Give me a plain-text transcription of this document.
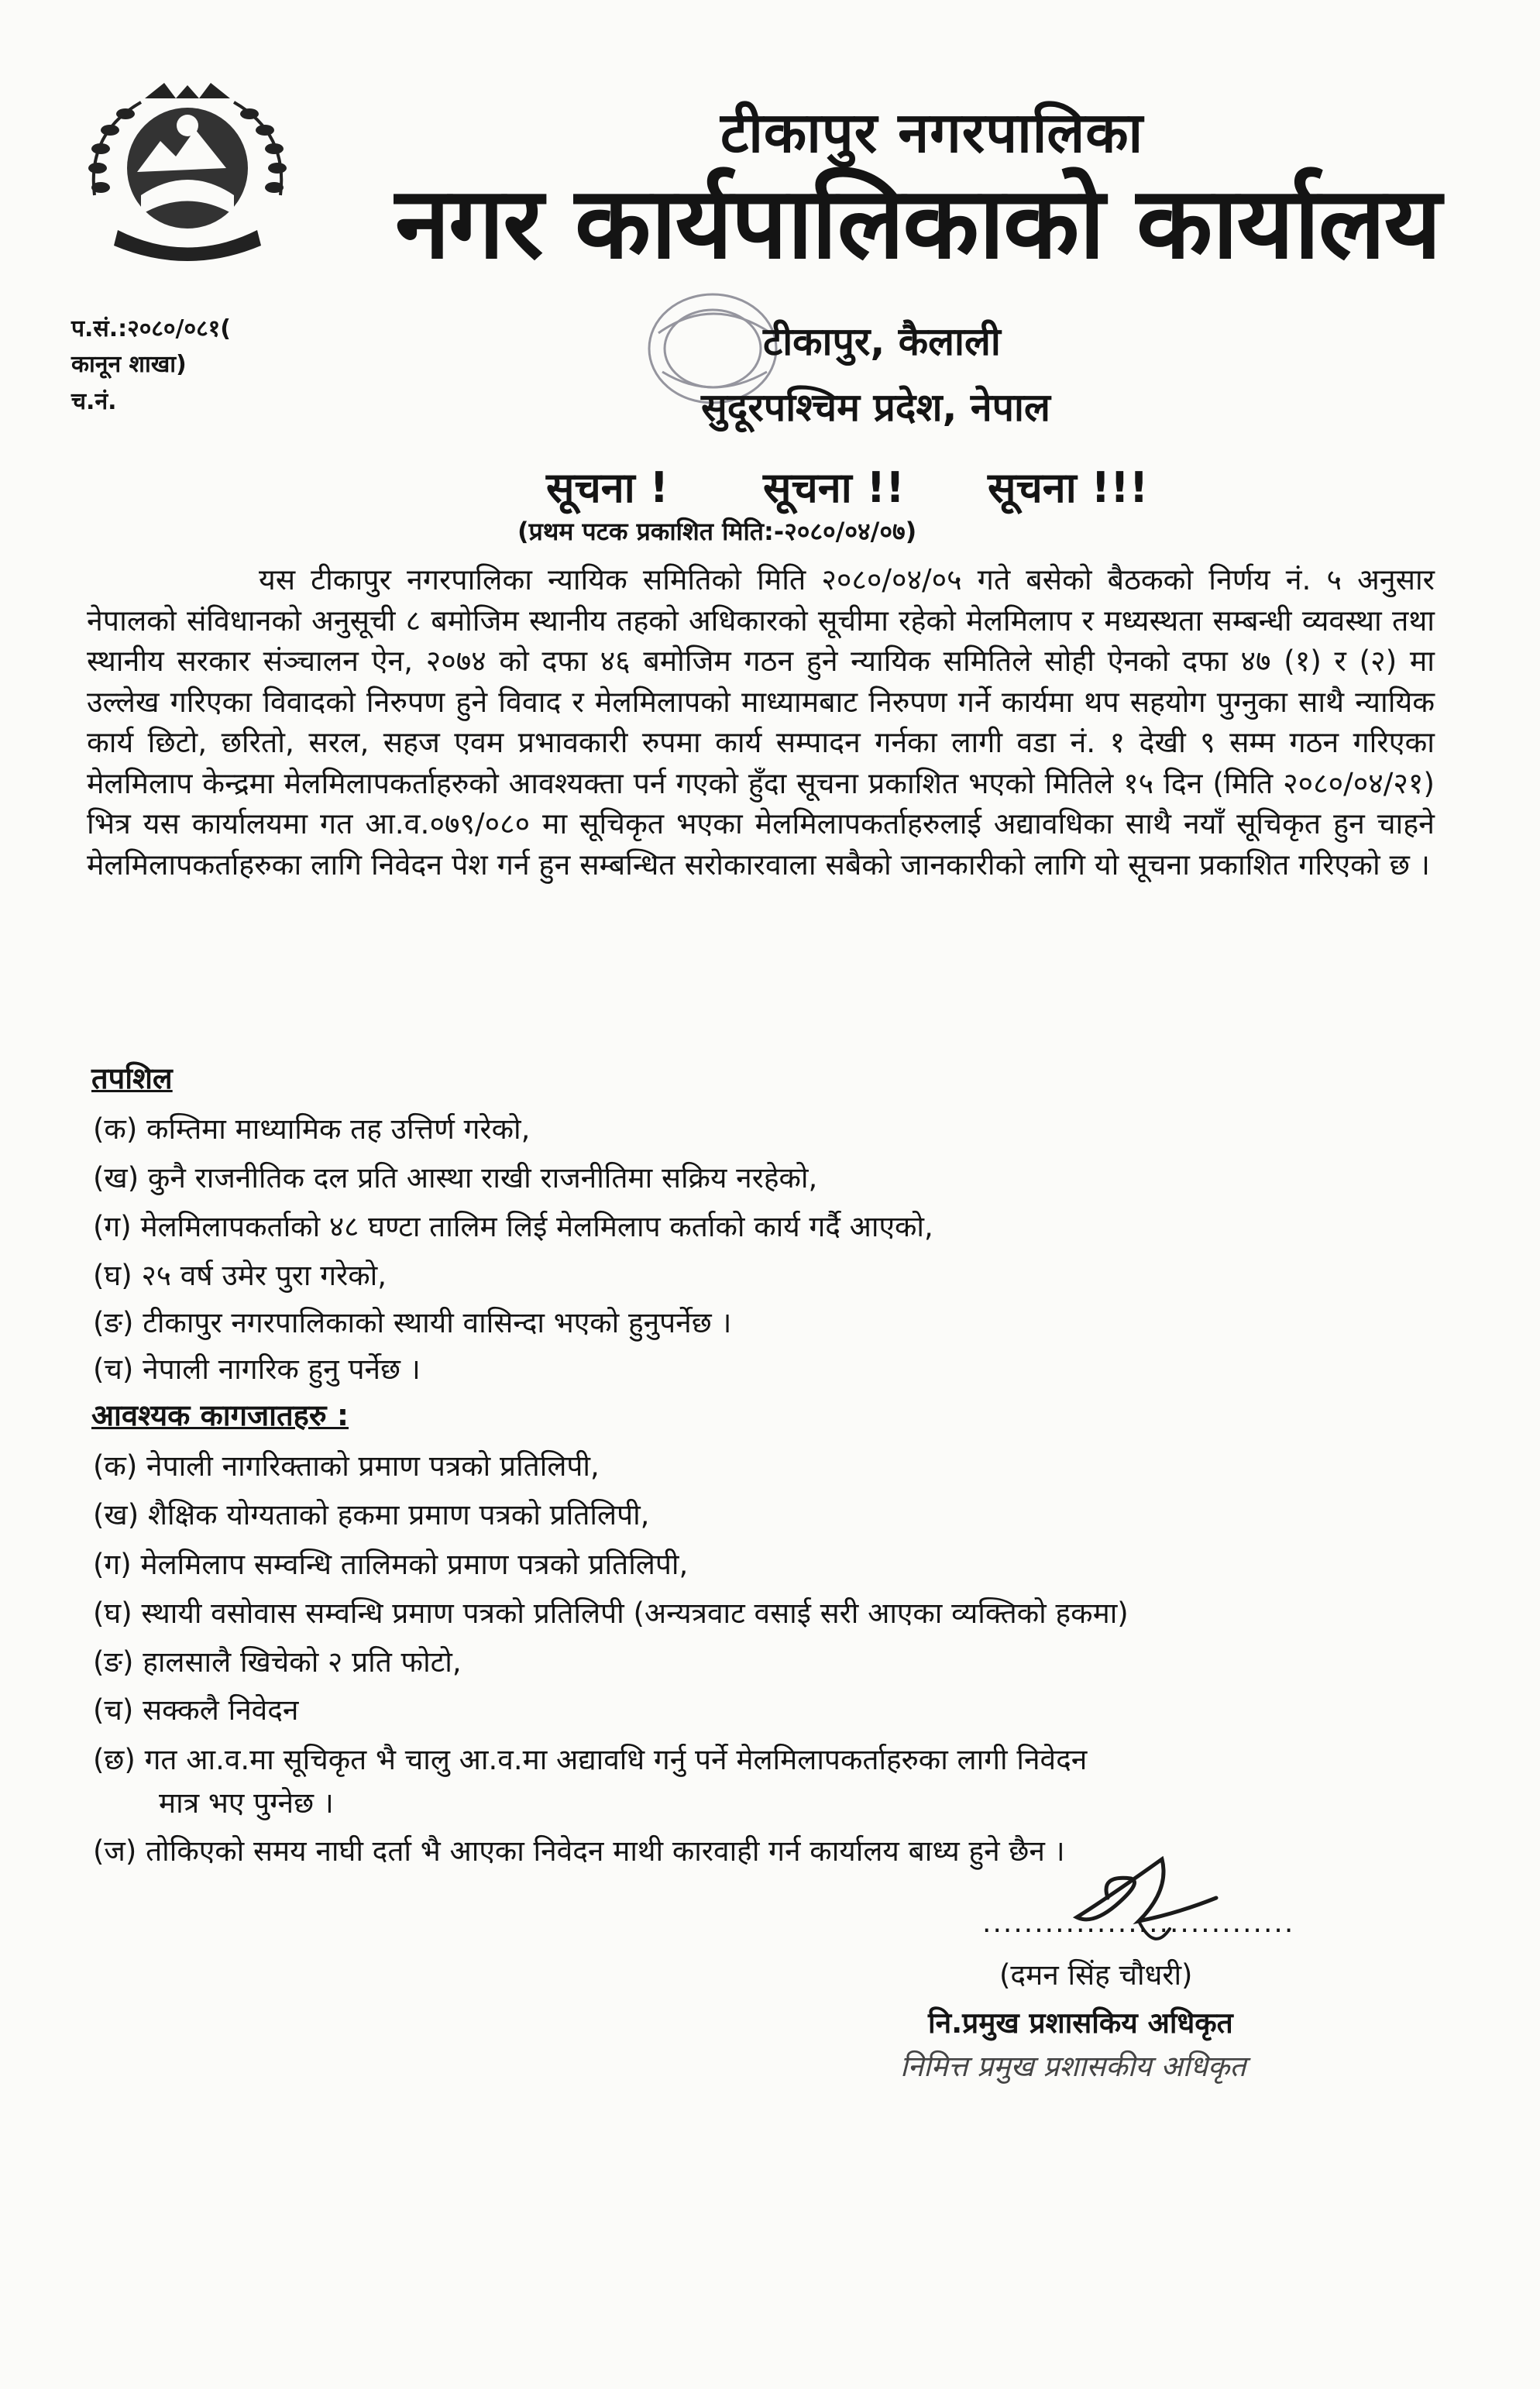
टीकापुर नगरपालिका
नगर कार्यपालिकाको कार्यालय
टीकापुर, कैलाली
सुदूरपश्चिम प्रदेश, नेपाल
प.सं.:२०८०/०८१(
कानून शाखा)
च.नं.
सूचना ! सूचना !! सूचना !!!
(प्रथम पटक प्रकाशित मिति:-२०८०/०४/०७)
यस टीकापुर नगरपालिका न्यायिक समितिको मिति २०८०/०४/०५ गते बसेको बैठकको निर्णय नं. ५ अनुसार नेपालको संविधानको अनुसूची ८ बमोजिम स्थानीय तहको अधिकारको सूचीमा रहेको मेलमिलाप र मध्यस्थता सम्बन्धी व्यवस्था तथा स्थानीय सरकार संञ्चालन ऐन, २०७४ को दफा ४६ बमोजिम गठन हुने न्यायिक समितिले सोही ऐनको दफा ४७ (१) र (२) मा उल्लेख गरिएका विवादको निरुपण हुने विवाद र मेलमिलापको माध्यामबाट निरुपण गर्ने कार्यमा थप सहयोग पुग्नुका साथै न्यायिक कार्य छिटो, छरितो, सरल, सहज एवम प्रभावकारी रुपमा कार्य सम्पादन गर्नका लागी वडा नं. १ देखी ९ सम्म गठन गरिएका मेलमिलाप केन्द्रमा मेलमिलापकर्ताहरुको आवश्यक्ता पर्न गएको हुँदा सूचना प्रकाशित भएको मितिले १५ दिन (मिति २०८०/०४/२१) भित्र यस कार्यालयमा गत आ.व.०७९/०८० मा सूचिकृत भएका मेलमिलापकर्ताहरुलाई अद्यावधिका साथै नयाँ सूचिकृत हुन चाहने मेलमिलापकर्ताहरुका लागि निवेदन पेश गर्न हुन सम्बन्धित सरोकारवाला सबैको जानकारीको लागि यो सूचना प्रकाशित गरिएको छ ।
तपशिल
(क) कम्तिमा माध्यामिक तह उत्तिर्ण गरेको,
(ख) कुनै राजनीतिक दल प्रति आस्था राखी राजनीतिमा सक्रिय नरहेको,
(ग) मेलमिलापकर्ताको ४८ घण्टा तालिम लिई मेलमिलाप कर्ताको कार्य गर्दै आएको,
(घ) २५ वर्ष उमेर पुरा गरेको,
(ङ) टीकापुर नगरपालिकाको स्थायी वासिन्दा भएको हुनुपर्नेछ ।
(च) नेपाली नागरिक हुनु पर्नेछ ।
आवश्यक कागजातहरु :
(क) नेपाली नागरिक्ताको प्रमाण पत्रको प्रतिलिपी,
(ख) शैक्षिक योग्यताको हकमा प्रमाण पत्रको प्रतिलिपी,
(ग) मेलमिलाप सम्वन्धि तालिमको प्रमाण पत्रको प्रतिलिपी,
(घ) स्थायी वसोवास सम्वन्धि प्रमाण पत्रको प्रतिलिपी (अन्यत्रवाट वसाई सरी आएका व्यक्तिको हकमा)
(ङ) हालसालै खिचेको २ प्रति फोटो,
(च) सक्कलै निवेदन
(छ) गत आ.व.मा सूचिकृत भै चालु आ.व.मा अद्यावधि गर्नु पर्ने मेलमिलापकर्ताहरुका लागी निवेदन
मात्र भए पुग्नेछ ।
(ज) तोकिएको समय नाघी दर्ता भै आएका निवेदन माथी कारवाही गर्न कार्यालय बाध्य हुने छैन ।
..............................
(दमन सिंह चौधरी)
नि.प्रमुख प्रशासकिय अधिकृत
निमित्त प्रमुख प्रशासकीय अधिकृत
